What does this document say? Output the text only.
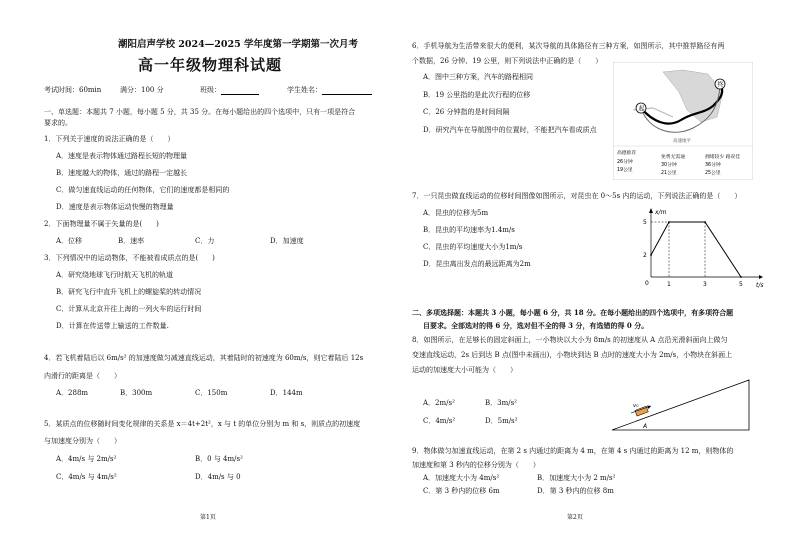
潮阳启声学校 2024—2025 学年度第一学期第一次月考
高一年级物理科试题
考试时间：60min	满分：100 分	班级：	学生姓名：
一、单选题：本题共 7 小题，每小题 5 分，共 35 分。在每小题给出的四个选项中，只有一项是符合
要求的。
1．下列关于速度的说法正确的是（　　）
A．速度是表示物体通过路程长短的物理量
B．速度越大的物体，通过的路程一定越长
C．做匀速直线运动的任何物体，它们的速度都是相同的
D．速度是表示物体运动快慢的物理量
2．下面物理量不属于矢量的是(　　)
A．位移	B．速率	C．力	D．加速度
3．下列情况中的运动物体，不能被看成质点的是(　　)
A．研究绕地球飞行时航天飞机的轨道
B．研究飞行中直升飞机上的螺旋桨的转动情况
C．计算从北京开往上海的一列火车的运行时间
D．计算在传送带上输送的工件数量.
4．若飞机着陆后以 6m/s² 的加速度做匀减速直线运动，其着陆时的初速度为 60m/s，则它着陆后 12s
内滑行的距离是（　　）
A．288m	B．300m	C．150m	D．144m
5．某质点的位移随时间变化规律的关系是 x＝4t+2t²，x 与 t 的单位分别为 m 和 s，则质点的初速度
与加速度分别为（　　）
A．4m/s 与 2m/s²	B．0 与 4m/s²
C．4m/s 与 4m/s²	D．4m/s 与 0
第1页
6．手机导航为生活带来很大的便利，某次导航的具体路径有三种方案，如图所示，其中推荐路径有两
个数据，26 分钟、19 公里，则下列说法中正确的是（　　）
A．图中三种方案，汽车的路程相同
B．19 公里指的是此次行程的位移
C．26 分钟指的是时间间隔
D．研究汽车在导航图中的位置时，不能把汽车看成质点
起
终
高速地平
高德推荐
26分钟
19公里
免费无需通
30分钟
21公里
拥堵较少 路况佳
36分钟
25公里
7．一只昆虫做直线运动的位移时间图像如图所示，对昆虫在 0～5s 内的运动，下列说法正确的是（　　）
A．昆虫的位移为5m
B．昆虫的平均速率为1.4m/s
C．昆虫的平均速度大小为1m/s
D．昆虫离出发点的最远距离为2m
x/m
t/s
0
2
5
1	3	5
二、多项选择题：本题共 3 小题，每小题 6 分，共 18 分。在每小题给出的四个选项中，有多项符合题
目要求。全部选对的得 6 分，选对但不全的得 3 分，有选错的得 0 分。
8．如图所示，在足够长的固定斜面上，一小物块以大小为 8m/s 的初速度从 A 点沿光滑斜面向上做匀
变速直线运动，2s 后到达 B 点(图中未画出)，小物块到达 B 点时的速度大小为 2m/s，小物块在斜面上
运动的加速度大小可能为（　　）
A．2m/s²	B．3m/s²
C．4m/s²	D．5m/s²
v₀
A
9．物体做匀加速直线运动，在第 2 s 内通过的距离为 4 m，在第 4 s 内通过的距离为 12 m，则物体的
加速度和第 3 秒内的位移分别为（　　）
A．加速度大小为 4m/s²	B．加速度大小为 2 m/s²
C．第 3 秒内的位移 6m	D．第 3 秒内的位移 8m
第2页
